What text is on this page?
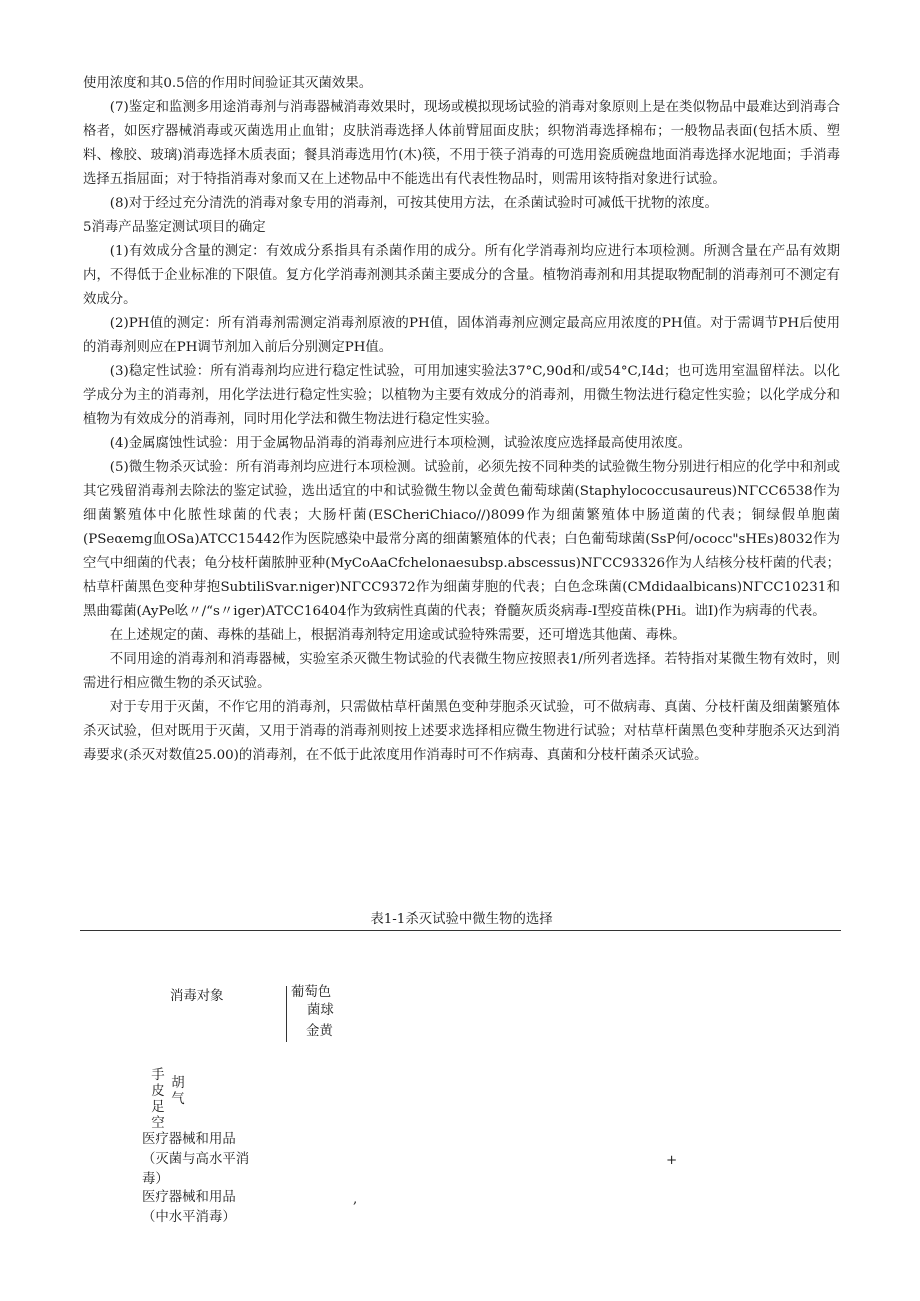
使用浓度和其0.5倍的作用时间验证其灭菌效果。

(7)鉴定和监测多用途消毒剂与消毒器械消毒效果时，现场或模拟现场试验的消毒对象原则上是在类似物品中最难达到消毒合格者，如医疗器械消毒或灭菌选用止血钳；皮肤消毒选择人体前臂屈面皮肤；织物消毒选择棉布；一般物品表面(包括木质、塑料、橡胶、玻璃)消毒选择木质表面；餐具消毒选用竹(木)筷，不用于筷子消毒的可选用瓷质碗盘地面消毒选择水泥地面；手消毒选择五指屈面；对于特指消毒对象而又在上述物品中不能选出有代表性物品时，则需用该特指对象进行试验。

(8)对于经过充分清洗的消毒对象专用的消毒剂，可按其使用方法，在杀菌试验时可减低干扰物的浓度。

5消毒产品鉴定测试项目的确定

(1)有效成分含量的测定：有效成分系指具有杀菌作用的成分。所有化学消毒剂均应进行本项检测。所测含量在产品有效期内，不得低于企业标准的下限值。复方化学消毒剂测其杀菌主要成分的含量。植物消毒剂和用其提取物配制的消毒剂可不测定有效成分。

(2)PH值的测定：所有消毒剂需测定消毒剂原液的PH值，固体消毒剂应测定最高应用浓度的PH值。对于需调节PH后使用的消毒剂则应在PH调节剂加入前后分别测定PH值。

(3)稳定性试验：所有消毒剂均应进行稳定性试验，可用加速实验法37°C,90d和/或54°C,I4d；也可选用室温留样法。以化学成分为主的消毒剂，用化学法进行稳定性实验；以植物为主要有效成分的消毒剂，用微生物法进行稳定性实验；以化学成分和植物为有效成分的消毒剂，同时用化学法和微生物法进行稳定性实验。

(4)金属腐蚀性试验：用于金属物品消毒的消毒剂应进行本项检测，试验浓度应选择最高使用浓度。

(5)微生物杀灭试验：所有消毒剂均应进行本项检测。试验前，必须先按不同种类的试验微生物分别进行相应的化学中和剂或其它残留消毒剂去除法的鉴定试验，选出适宜的中和试验微生物以金黄色葡萄球菌(Staphylococcusaureus)NΓCC6538作为细菌繁殖体中化脓性球菌的代表；大肠杆菌(ESCheriChiaco//)8099作为细菌繁殖体中肠道菌的代表；铜绿假单胞菌(PSeαemg血OSa)ATCC15442作为医院感染中最常分离的细菌繁殖体的代表；白色葡萄球菌(SsP何/ococc"sHEs)8032作为空气中细菌的代表；龟分枝杆菌脓肿亚种(MyCoAaCfchelonaesubsp.abscessus)NΓCC93326作为人结核分枝杆菌的代表；枯草杆菌黑色变种芽抱SubtiliSvar.niger)NΓCC9372作为细菌芽胞的代表；白色念珠菌(CMdidaalbicans)NΓCC10231和黑曲霉菌(AyPe吆〃/“s〃iger)ATCC16404作为致病性真菌的代表；脊髓灰质炎病毒-I型疫苗株(PHi。诎I)作为病毒的代表。

在上述规定的菌、毒株的基础上，根据消毒剂特定用途或试验特殊需要，还可增选其他菌、毒株。

不同用途的消毒剂和消毒器械，实验室杀灭微生物试验的代表微生物应按照表1/所列者选择。若特指对某微生物有效时，则需进行相应微生物的杀灭试验。

对于专用于灭菌，不作它用的消毒剂，只需做枯草杆菌黑色变种芽胞杀灭试验，可不做病毒、真菌、分枝杆菌及细菌繁殖体杀灭试验，但对既用于灭菌，又用于消毒的消毒剂则按上述要求选择相应微生物进行试验；对枯草杆菌黑色变种芽胞杀灭达到消毒要求(杀灭对数值25.00)的消毒剂，在不低于此浓度用作消毒时可不作病毒、真菌和分枝杆菌杀灭试验。

表1-1杀灭试验中微生物的选择
消毒对象	葡萄色
菌球
金黄
手皮足空
胡气
医疗器械和用品
（灭菌与高水平消
毒）
+
医疗器械和用品
（中水平消毒）
,
